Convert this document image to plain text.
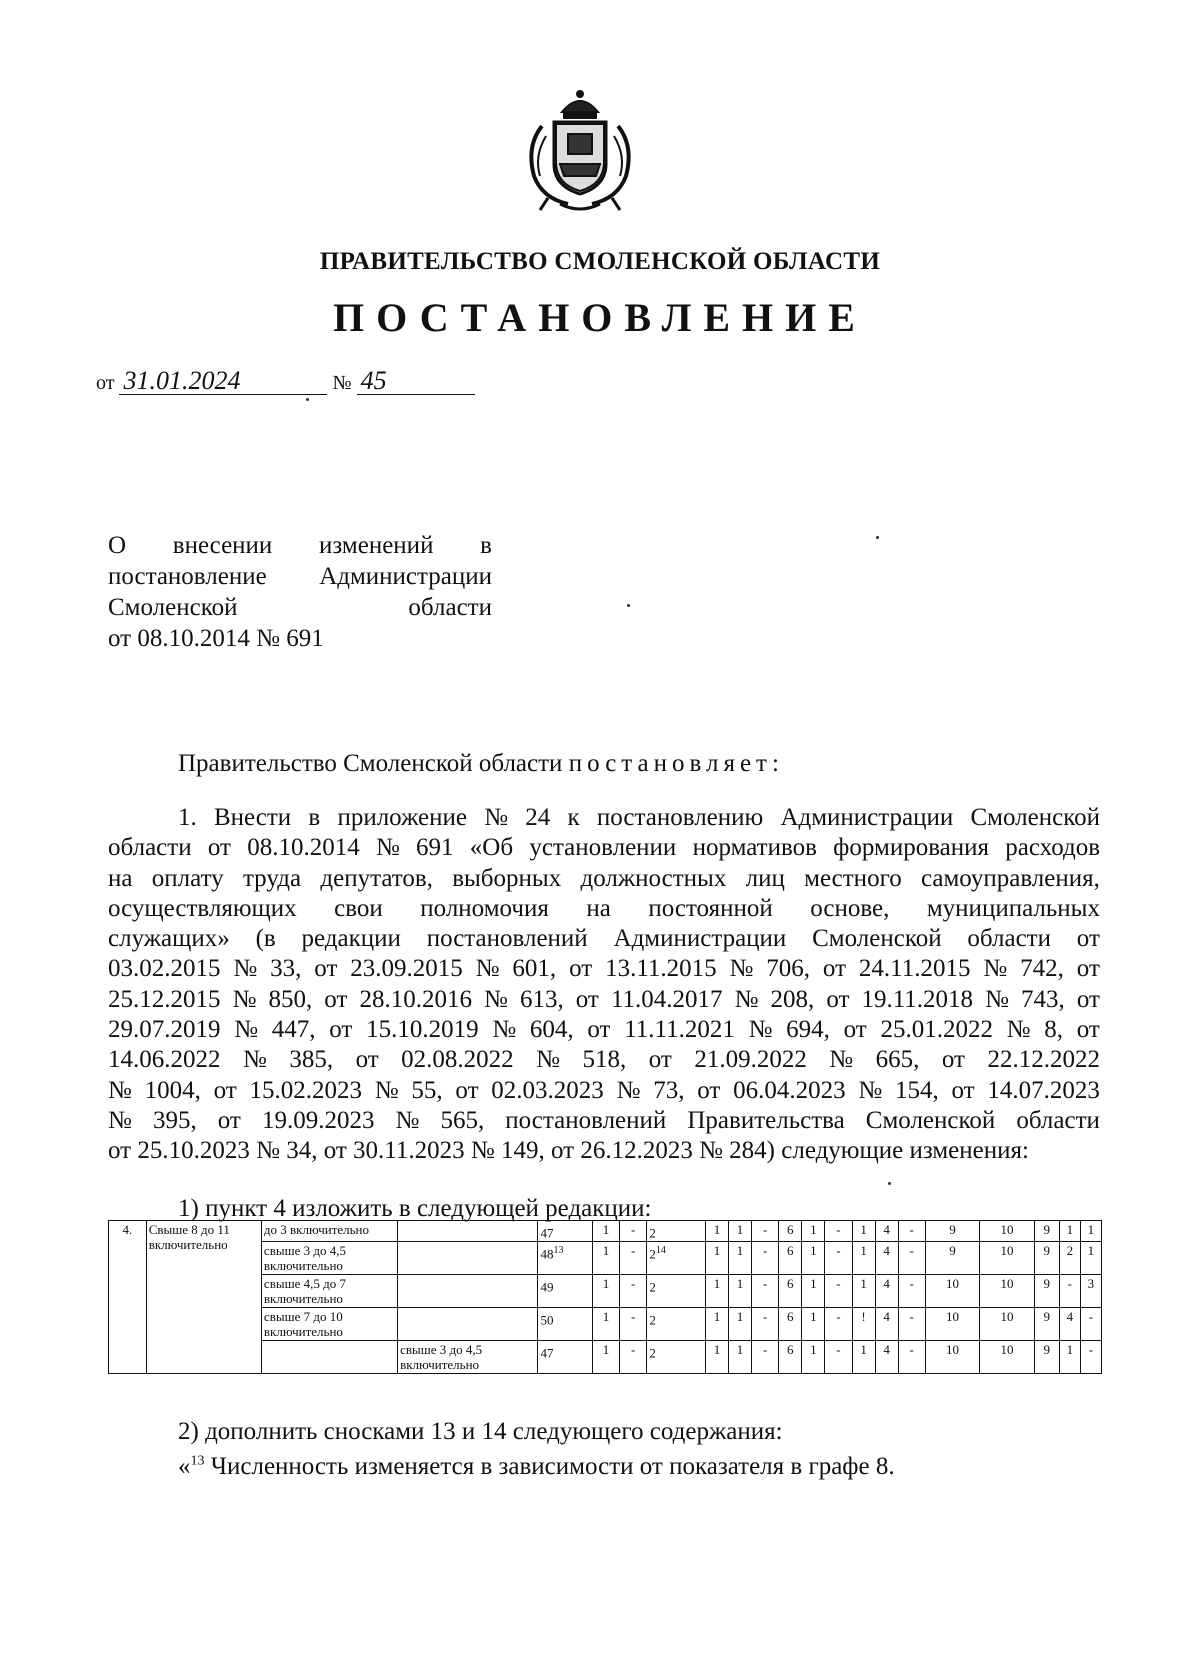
ПРАВИТЕЛЬСТВО СМОЛЕНСКОЙ ОБЛАСТИ
ПОСТАНОВЛЕНИЕ
от 31.01.2024	№ 45
О внесении изменений в
постановление Администрации
Смоленской	области
от 08.10.2014 № 691
Правительство Смоленской области постановляет:
1. Внести в приложение № 24 к постановлению Администрации Смоленской
области от 08.10.2014 № 691 «Об установлении нормативов формирования расходов
на оплату труда депутатов, выборных должностных лиц местного самоуправления,
осуществляющих свои полномочия на постоянной основе, муниципальных
служащих» (в редакции постановлений Администрации Смоленской области от
03.02.2015 № 33, от 23.09.2015 № 601, от 13.11.2015 № 706, от 24.11.2015 № 742, от
25.12.2015 № 850, от 28.10.2016 № 613, от 11.04.2017 № 208, от 19.11.2018 № 743, от
29.07.2019 № 447, от 15.10.2019 № 604, от 11.11.2021 № 694, от 25.01.2022 № 8, от
14.06.2022 № 385, от 02.08.2022 № 518, от 21.09.2022 № 665, от 22.12.2022
№ 1004, от 15.02.2023 № 55, от 02.03.2023 № 73, от 06.04.2023 № 154, от 14.07.2023
№ 395, от 19.09.2023 № 565, постановлений Правительства Смоленской области
от 25.10.2023 № 34, от 30.11.2023 № 149, от 26.12.2023 № 284) следующие изменения:
1) пункт 4 изложить в следующей редакции:
4.	Свыше 8 до 11 включительно	до 3 включительно		47	1	-	2	1	1	-	6	1	-	1	4	-	9	10	9	1	1
		свыше 3 до 4,5 включительно		$48^{13}$	1	-	$2^{14}$	1	1	-	6	1	-	1	4	-	9	10	9	2	1
		свыше 4,5 до 7 включительно		49	1	-	2	1	1	-	6	1	-	1	4	-	10	10	9	-	3
		свыше 7 до 10 включительно		50	1	-	2	1	1	-	6	1	-	!	4	-	10	10	9	4	-
			свыше 3 до 4,5 включительно	47	1	-	2	1	1	-	6	1	-	1	4	-	10	10	9	1	-
2) дополнить сносками 13 и 14 следующего содержания:
«$^{13}$ Численность изменяется в зависимости от показателя в графе 8.
